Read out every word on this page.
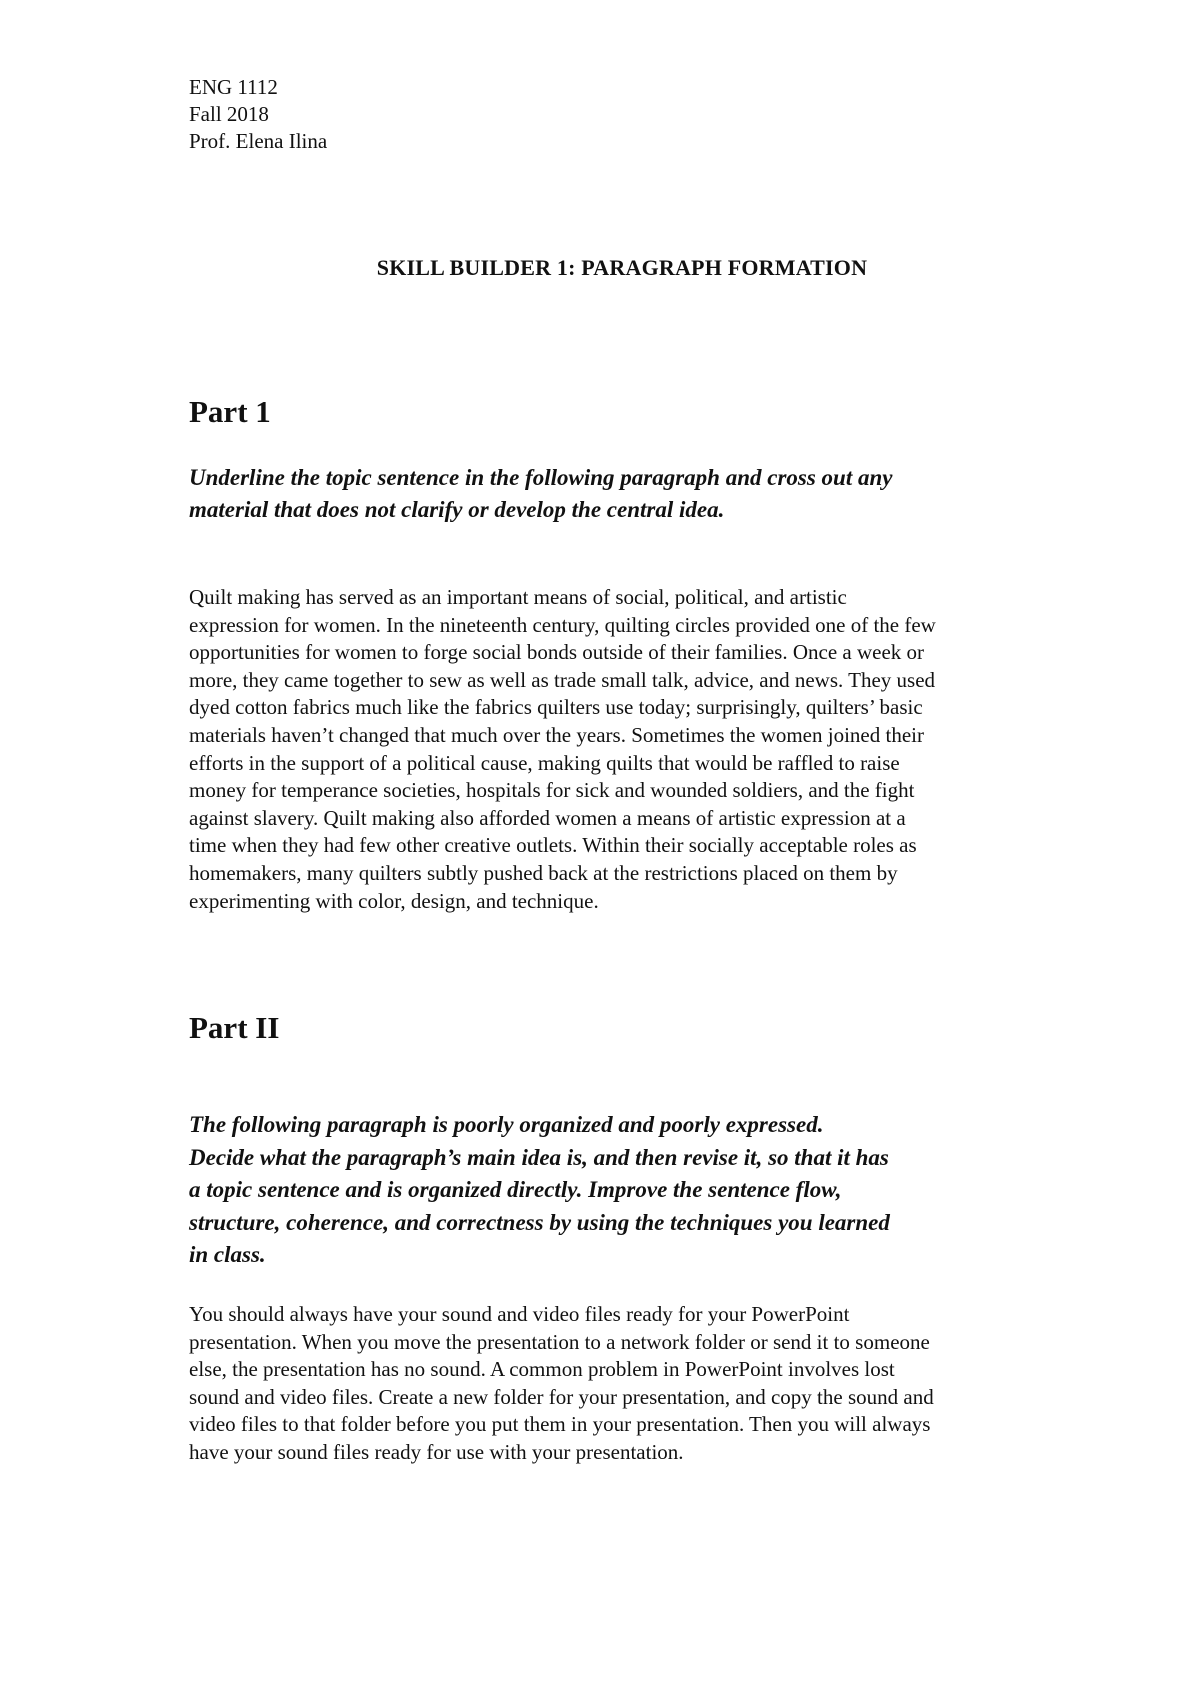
ENG 1112
Fall 2018
Prof. Elena Ilina
SKILL BUILDER 1: PARAGRAPH FORMATION
Part 1
Underline the topic sentence in the following paragraph and cross out any
material that does not clarify or develop the central idea.
Quilt making has served as an important means of social, political, and artistic
expression for women. In the nineteenth century, quilting circles provided one of the few
opportunities for women to forge social bonds outside of their families. Once a week or
more, they came together to sew as well as trade small talk, advice, and news. They used
dyed cotton fabrics much like the fabrics quilters use today; surprisingly, quilters’ basic
materials haven’t changed that much over the years. Sometimes the women joined their
efforts in the support of a political cause, making quilts that would be raffled to raise
money for temperance societies, hospitals for sick and wounded soldiers, and the fight
against slavery. Quilt making also afforded women a means of artistic expression at a
time when they had few other creative outlets. Within their socially acceptable roles as
homemakers, many quilters subtly pushed back at the restrictions placed on them by
experimenting with color, design, and technique.
Part II
The following paragraph is poorly organized and poorly expressed.
Decide what the paragraph’s main idea is, and then revise it, so that it has
a topic sentence and is organized directly. Improve the sentence flow,
structure, coherence, and correctness by using the techniques you learned
in class.
You should always have your sound and video files ready for your PowerPoint
presentation. When you move the presentation to a network folder or send it to someone
else, the presentation has no sound. A common problem in PowerPoint involves lost
sound and video files. Create a new folder for your presentation, and copy the sound and
video files to that folder before you put them in your presentation. Then you will always
have your sound files ready for use with your presentation.
